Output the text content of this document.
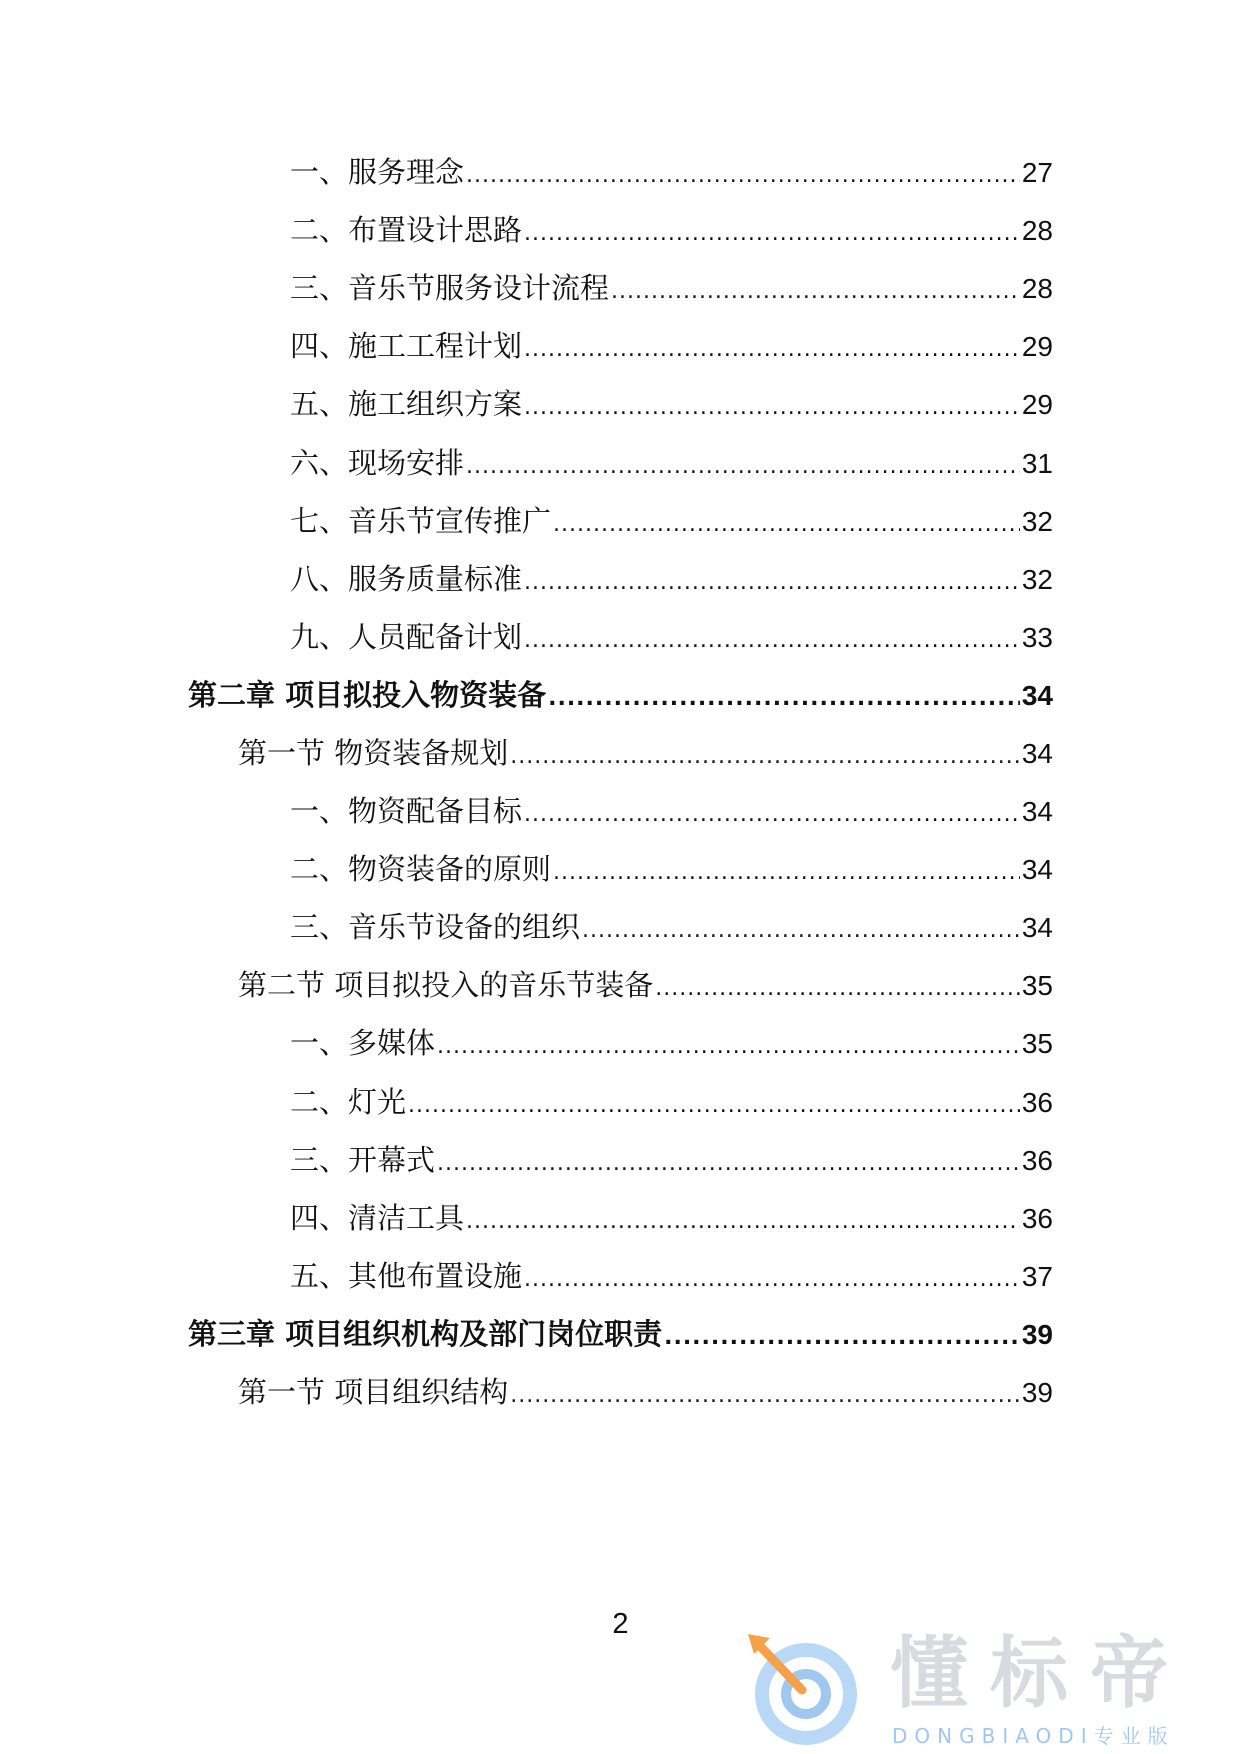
一、服务理念 .....	27
二、布置设计思路 .....	28
三、音乐节服务设计流程 .....	28
四、施工工程计划 .....	29
五、施工组织方案 .....	29
六、现场安排 .....	31
七、音乐节宣传推广 .....	32
八、服务质量标准 .....	32
九、人员配备计划 .....	33
第二章 项目拟投入物资装备 .....	34
第一节 物资装备规划 .....	34
一、物资配备目标 .....	34
二、物资装备的原则 .....	34
三、音乐节设备的组织 .....	34
第二节 项目拟投入的音乐节装备 .....	35
一、多媒体 .....	35
二、灯光 .....	36
三、开幕式 .....	36
四、清洁工具 .....	36
五、其他布置设施 .....	37
第三章 项目组织机构及部门岗位职责 .....	39
第一节 项目组织结构 .....	39
2
懂标帝
DONGBIAODI专业版
